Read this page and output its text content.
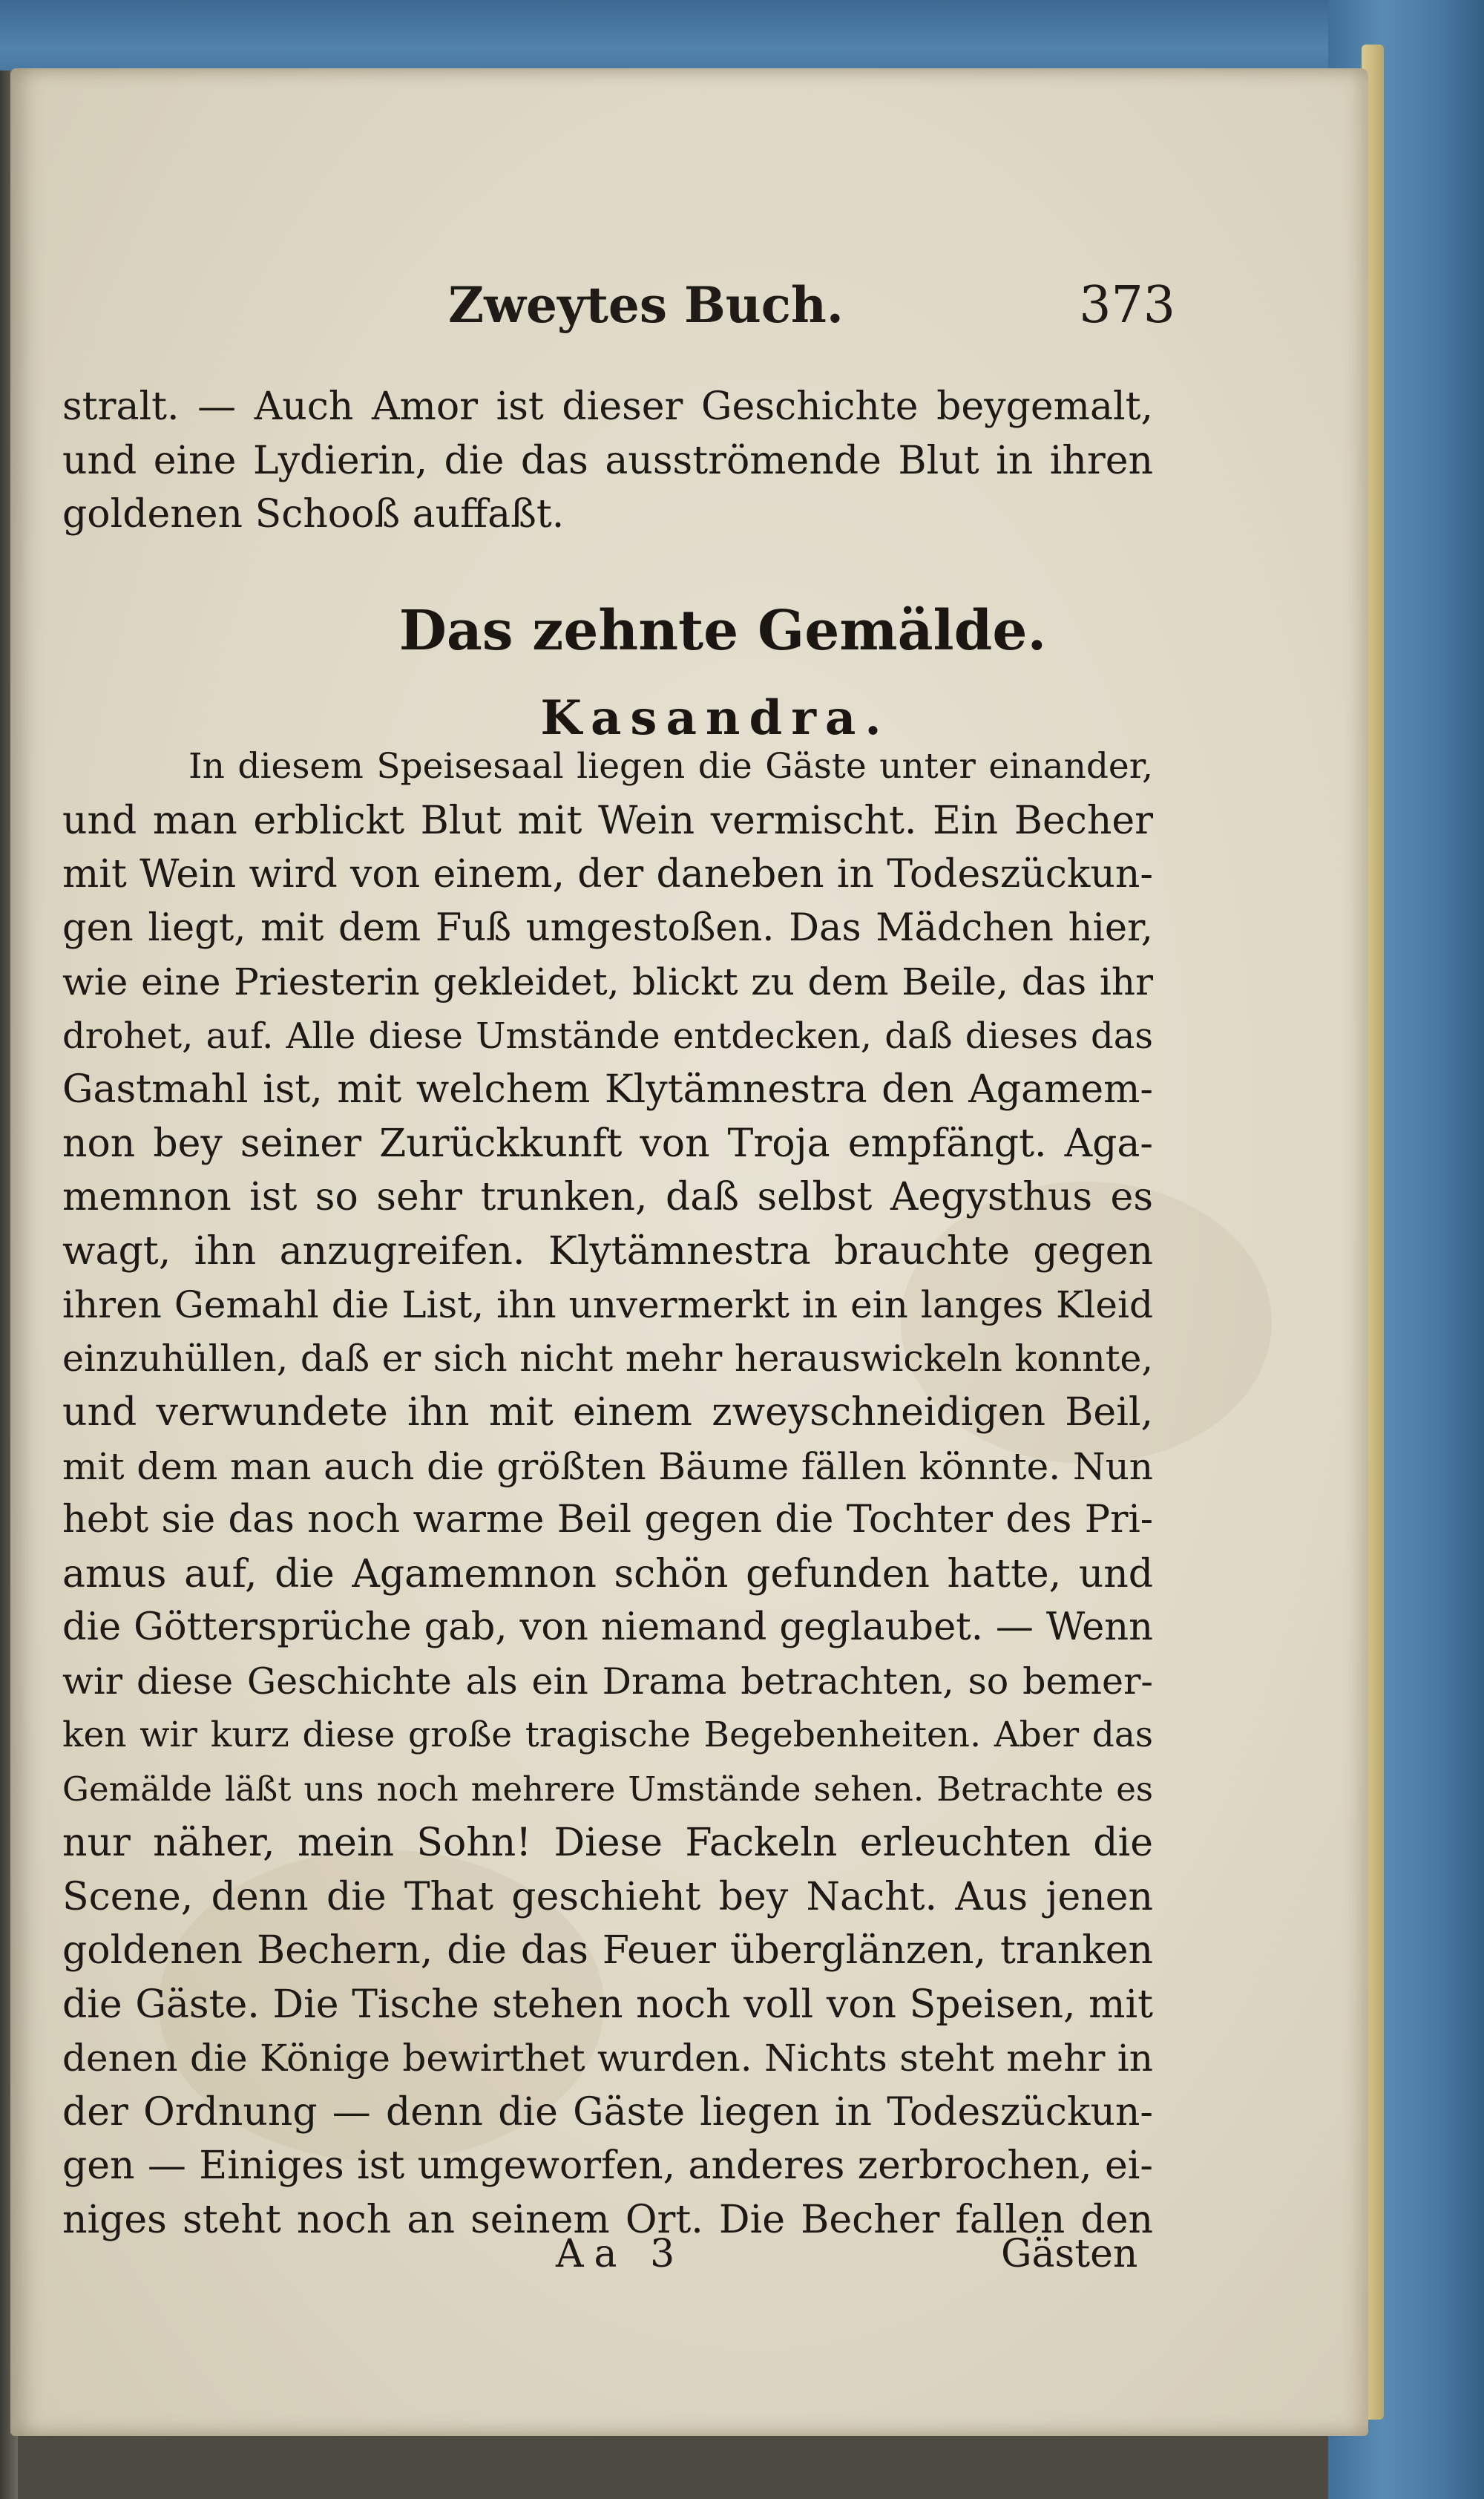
Zweytes Buch.	373
stralt. — Auch Amor ist dieser Geschichte beygemalt,
und eine Lydierin, die das ausströmende Blut in ihren
goldenen Schooß auffaßt.
Das zehnte Gemälde.
Kasandra.
In diesem Speisesaal liegen die Gäste unter einander,
und man erblickt Blut mit Wein vermischt. Ein Becher
mit Wein wird von einem, der daneben in Todeszückun-
gen liegt, mit dem Fuß umgestoßen. Das Mädchen hier,
wie eine Priesterin gekleidet, blickt zu dem Beile, das ihr
drohet, auf. Alle diese Umstände entdecken, daß dieses das
Gastmahl ist, mit welchem Klytämnestra den Agamem-
non bey seiner Zurückkunft von Troja empfängt. Aga-
memnon ist so sehr trunken, daß selbst Aegysthus es
wagt, ihn anzugreifen. Klytämnestra brauchte gegen
ihren Gemahl die List, ihn unvermerkt in ein langes Kleid
einzuhüllen, daß er sich nicht mehr herauswickeln konnte,
und verwundete ihn mit einem zweyschneidigen Beil,
mit dem man auch die größten Bäume fällen könnte. Nun
hebt sie das noch warme Beil gegen die Tochter des Pri-
amus auf, die Agamemnon schön gefunden hatte, und
die Göttersprüche gab, von niemand geglaubet. — Wenn
wir diese Geschichte als ein Drama betrachten, so bemer-
ken wir kurz diese große tragische Begebenheiten. Aber das
Gemälde läßt uns noch mehrere Umstände sehen. Betrachte es
nur näher, mein Sohn! Diese Fackeln erleuchten die
Scene, denn die That geschieht bey Nacht. Aus jenen
goldenen Bechern, die das Feuer überglänzen, tranken
die Gäste. Die Tische stehen noch voll von Speisen, mit
denen die Könige bewirthet wurden. Nichts steht mehr in
der Ordnung — denn die Gäste liegen in Todeszückun-
gen — Einiges ist umgeworfen, anderes zerbrochen, ei-
niges steht noch an seinem Ort. Die Becher fallen den
Aa 3	Gästen
